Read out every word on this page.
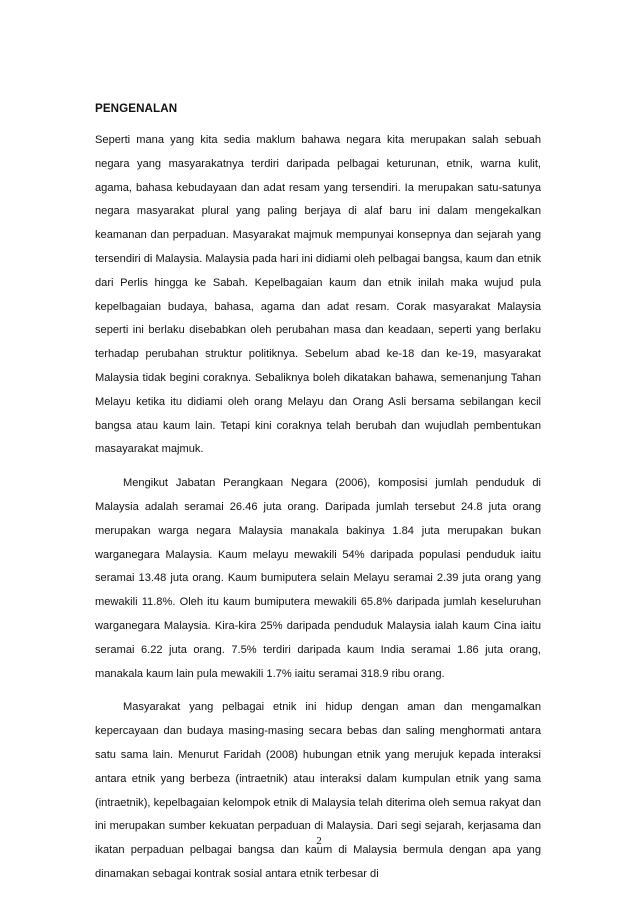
PENGENALAN

Seperti mana yang kita sedia maklum bahawa negara kita merupakan salah sebuah negara yang masyarakatnya terdiri daripada pelbagai keturunan, etnik, warna kulit, agama, bahasa kebudayaan dan adat resam yang tersendiri. Ia merupakan satu-satunya negara masyarakat plural yang paling berjaya di alaf baru ini dalam mengekalkan keamanan dan perpaduan. Masyarakat majmuk mempunyai konsepnya dan sejarah yang tersendiri di Malaysia. Malaysia pada hari ini didiami oleh pelbagai bangsa, kaum dan etnik dari Perlis hingga ke Sabah. Kepelbagaian kaum dan etnik inilah maka wujud pula kepelbagaian budaya, bahasa, agama dan adat resam. Corak masyarakat Malaysia seperti ini berlaku disebabkan oleh perubahan masa dan keadaan, seperti yang berlaku terhadap perubahan struktur politiknya. Sebelum abad ke-18 dan ke-19, masyarakat Malaysia tidak begini coraknya. Sebaliknya boleh dikatakan bahawa, semenanjung Tahan Melayu ketika itu didiami oleh orang Melayu dan Orang Asli bersama sebilangan kecil bangsa atau kaum lain. Tetapi kini coraknya telah berubah dan wujudlah pembentukan masayarakat majmuk.

Mengikut Jabatan Perangkaan Negara (2006), komposisi jumlah penduduk di Malaysia adalah seramai 26.46 juta orang. Daripada jumlah tersebut 24.8 juta orang merupakan warga negara Malaysia manakala bakinya 1.84 juta merupakan bukan warganegara Malaysia. Kaum melayu mewakili 54% daripada populasi penduduk iaitu seramai 13.48 juta orang. Kaum bumiputera selain Melayu seramai 2.39 juta orang yang mewakili 11.8%. Oleh itu kaum bumiputera mewakili 65.8% daripada jumlah keseluruhan warganegara Malaysia. Kira-kira 25% daripada penduduk Malaysia ialah kaum Cina iaitu seramai 6.22 juta orang. 7.5% terdiri daripada kaum India seramai 1.86 juta orang, manakala kaum lain pula mewakili 1.7% iaitu seramai 318.9 ribu orang.

Masyarakat yang pelbagai etnik ini hidup dengan aman dan mengamalkan kepercayaan dan budaya masing-masing secara bebas dan saling menghormati antara satu sama lain. Menurut Faridah (2008) hubungan etnik yang merujuk kepada interaksi antara etnik yang berbeza (intraetnik) atau interaksi dalam kumpulan etnik yang sama (intraetnik), kepelbagaian kelompok etnik di Malaysia telah diterima oleh semua rakyat dan ini merupakan sumber kekuatan perpaduan di Malaysia. Dari segi sejarah, kerjasama dan ikatan perpaduan pelbagai bangsa dan kaum di Malaysia bermula dengan apa yang dinamakan sebagai kontrak sosial antara etnik terbesar di

2
